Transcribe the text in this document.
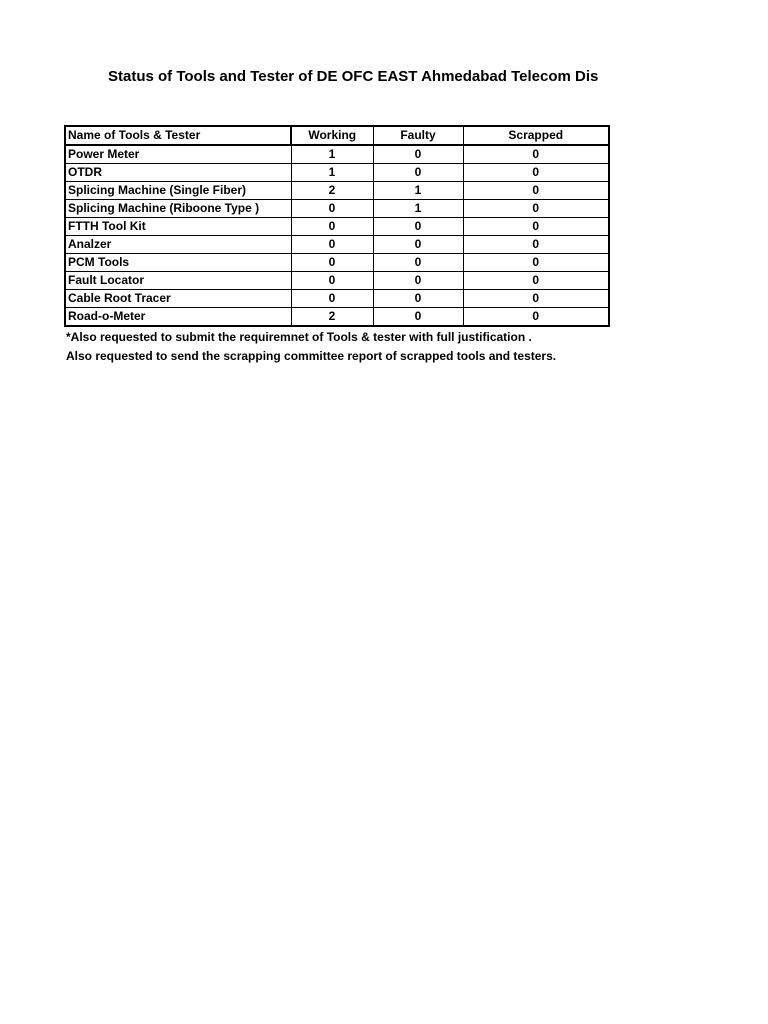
Status of Tools and Tester of DE OFC EAST Ahmedabad Telecom Dis
Name of Tools & Tester	Working	Faulty	Scrapped
Power Meter	1	0	0
OTDR	1	0	0
Splicing Machine (Single Fiber)	2	1	0
Splicing Machine (Riboone Type )	0	1	0
FTTH Tool Kit	0	0	0
Analzer	0	0	0
PCM Tools	0	0	0
Fault Locator	0	0	0
Cable Root Tracer	0	0	0
Road-o-Meter	2	0	0
*Also requested to submit the requiremnet of Tools & tester with full justification .
Also requested to send the scrapping committee report of scrapped tools and testers.
